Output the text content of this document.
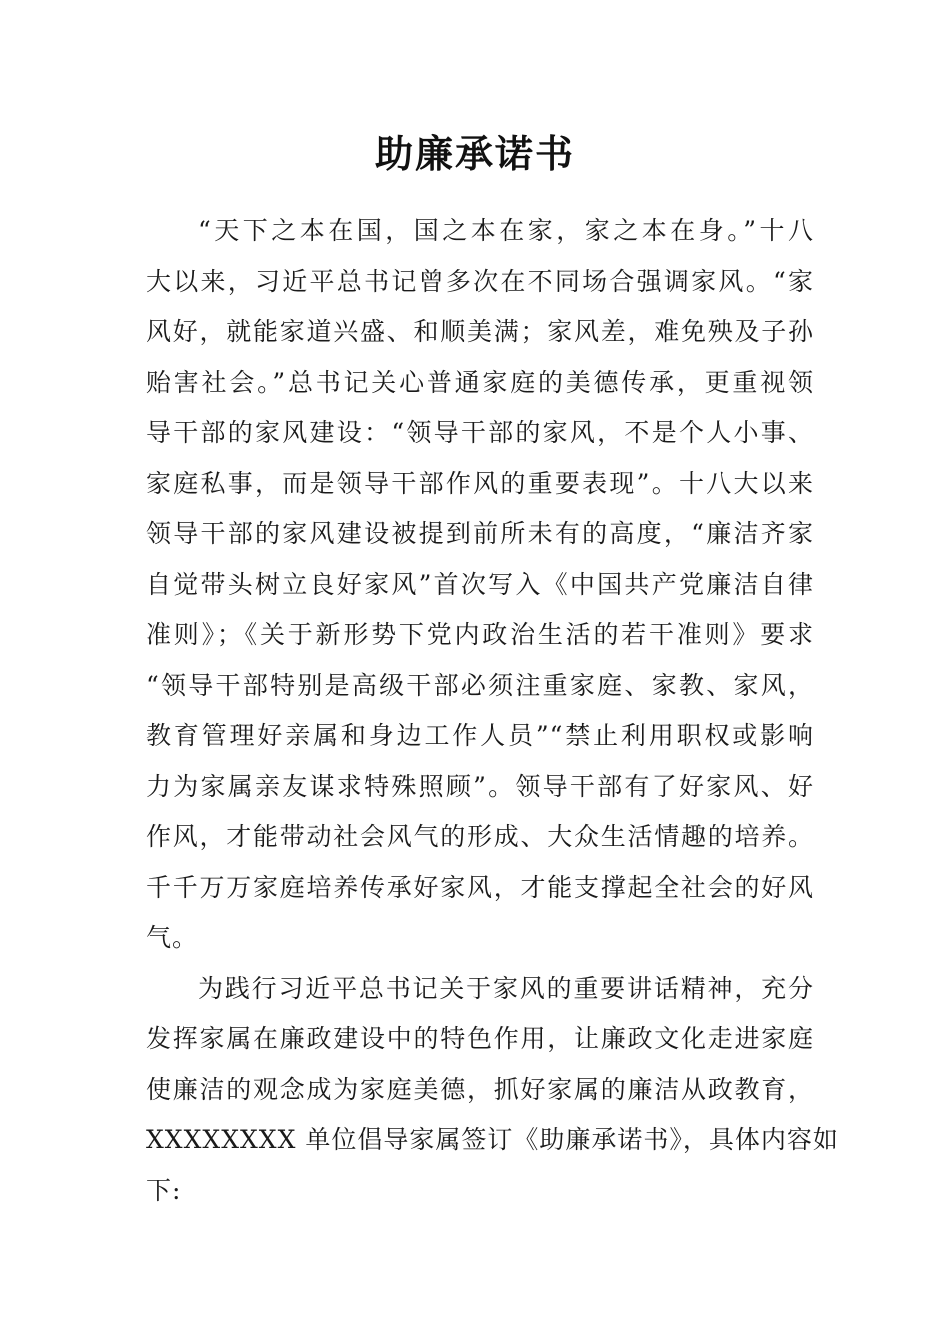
助廉承诺书
“天下之本在国，国之本在家，家之本在身。”十八
大以来，习近平总书记曾多次在不同场合强调家风。“家
风好，就能家道兴盛、和顺美满；家风差，难免殃及子孙
贻害社会。”总书记关心普通家庭的美德传承，更重视领
导干部的家风建设：“领导干部的家风，不是个人小事、
家庭私事，而是领导干部作风的重要表现”。十八大以来
领导干部的家风建设被提到前所未有的高度，“廉洁齐家
自觉带头树立良好家风”首次写入《中国共产党廉洁自律
准则》；《关于新形势下党内政治生活的若干准则》要求
“领导干部特别是高级干部必须注重家庭、家教、家风，
教育管理好亲属和身边工作人员”“禁止利用职权或影响
力为家属亲友谋求特殊照顾”。领导干部有了好家风、好
作风，才能带动社会风气的形成、大众生活情趣的培养。
千千万万家庭培养传承好家风，才能支撑起全社会的好风
气。
为践行习近平总书记关于家风的重要讲话精神，充分
发挥家属在廉政建设中的特色作用，让廉政文化走进家庭
使廉洁的观念成为家庭美德，抓好家属的廉洁从政教育，
XXXXXXXX 单位倡导家属签订《助廉承诺书》，具体内容如
下:
